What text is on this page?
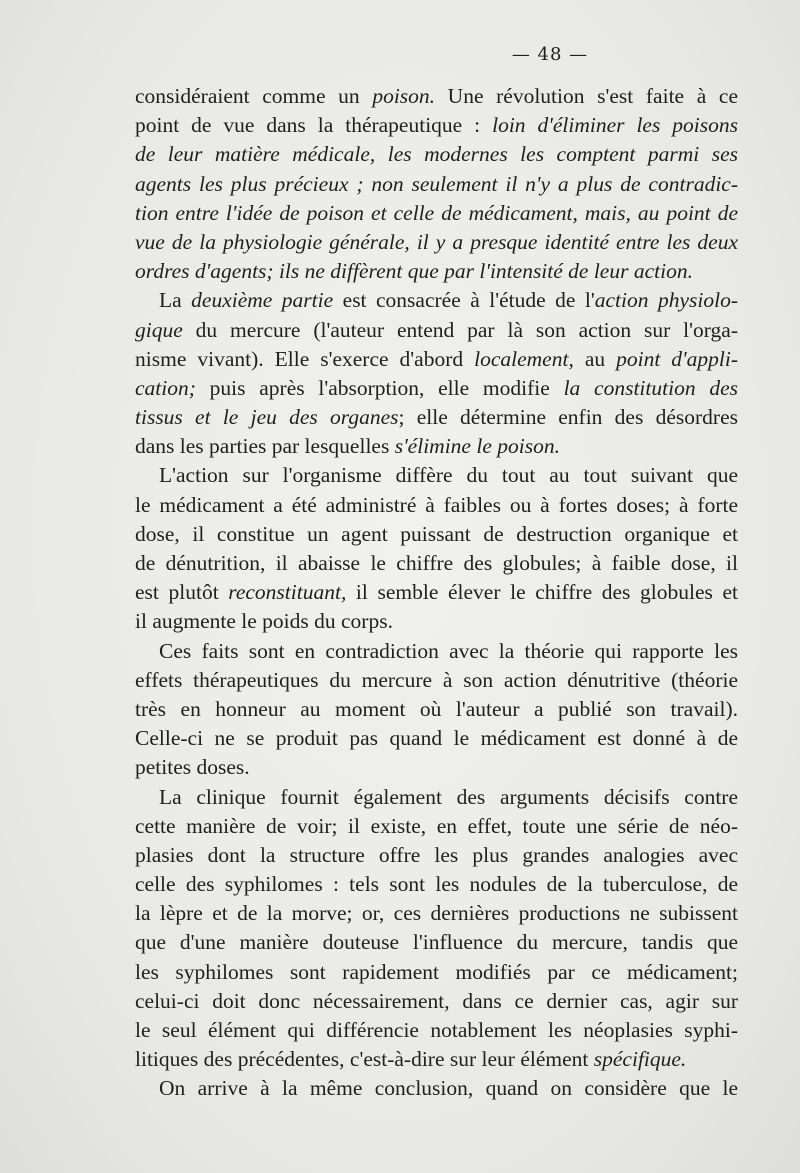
— 48 —
considéraient comme un poison. Une révolution s'est faite à ce
point de vue dans la thérapeutique : loin d'éliminer les poisons
de leur matière médicale, les modernes les comptent parmi ses
agents les plus précieux ; non seulement il n'y a plus de contradic-
tion entre l'idée de poison et celle de médicament, mais, au point de
vue de la physiologie générale, il y a presque identité entre les deux
ordres d'agents; ils ne diffèrent que par l'intensité de leur action.
La deuxième partie est consacrée à l'étude de l'action physiolo-
gique du mercure (l'auteur entend par là son action sur l'orga-
nisme vivant). Elle s'exerce d'abord localement, au point d'appli-
cation; puis après l'absorption, elle modifie la constitution des
tissus et le jeu des organes; elle détermine enfin des désordres
dans les parties par lesquelles s'élimine le poison.
L'action sur l'organisme diffère du tout au tout suivant que
le médicament a été administré à faibles ou à fortes doses; à forte
dose, il constitue un agent puissant de destruction organique et
de dénutrition, il abaisse le chiffre des globules; à faible dose, il
est plutôt reconstituant, il semble élever le chiffre des globules et
il augmente le poids du corps.
Ces faits sont en contradiction avec la théorie qui rapporte les
effets thérapeutiques du mercure à son action dénutritive (théorie
très en honneur au moment où l'auteur a publié son travail).
Celle-ci ne se produit pas quand le médicament est donné à de
petites doses.
La clinique fournit également des arguments décisifs contre
cette manière de voir; il existe, en effet, toute une série de néo-
plasies dont la structure offre les plus grandes analogies avec
celle des syphilomes : tels sont les nodules de la tuberculose, de
la lèpre et de la morve; or, ces dernières productions ne subissent
que d'une manière douteuse l'influence du mercure, tandis que
les syphilomes sont rapidement modifiés par ce médicament;
celui-ci doit donc nécessairement, dans ce dernier cas, agir sur
le seul élément qui différencie notablement les néoplasies syphi-
litiques des précédentes, c'est-à-dire sur leur élément spécifique.
On arrive à la même conclusion, quand on considère que le
